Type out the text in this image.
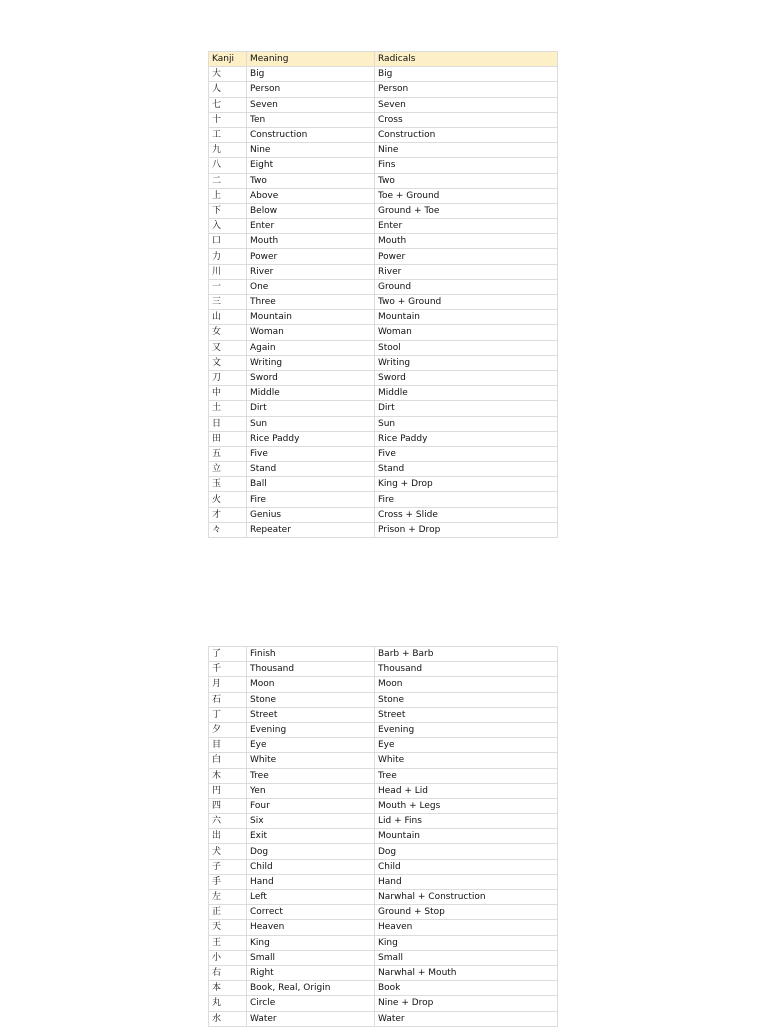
Kanji	Meaning	Radicals
大	Big	Big
人	Person	Person
七	Seven	Seven
十	Ten	Cross
工	Construction	Construction
九	Nine	Nine
八	Eight	Fins
二	Two	Two
上	Above	Toe + Ground
下	Below	Ground + Toe
入	Enter	Enter
口	Mouth	Mouth
力	Power	Power
川	River	River
一	One	Ground
三	Three	Two + Ground
山	Mountain	Mountain
女	Woman	Woman
又	Again	Stool
文	Writing	Writing
刀	Sword	Sword
中	Middle	Middle
土	Dirt	Dirt
日	Sun	Sun
田	Rice Paddy	Rice Paddy
五	Five	Five
立	Stand	Stand
玉	Ball	King + Drop
火	Fire	Fire
才	Genius	Cross + Slide
々	Repeater	Prison + Drop
了	Finish	Barb + Barb
千	Thousand	Thousand
月	Moon	Moon
石	Stone	Stone
丁	Street	Street
夕	Evening	Evening
目	Eye	Eye
白	White	White
木	Tree	Tree
円	Yen	Head + Lid
四	Four	Mouth + Legs
六	Six	Lid + Fins
出	Exit	Mountain
犬	Dog	Dog
子	Child	Child
手	Hand	Hand
左	Left	Narwhal + Construction
正	Correct	Ground + Stop
天	Heaven	Heaven
王	King	King
小	Small	Small
右	Right	Narwhal + Mouth
本	Book, Real, Origin	Book
丸	Circle	Nine + Drop
水	Water	Water
